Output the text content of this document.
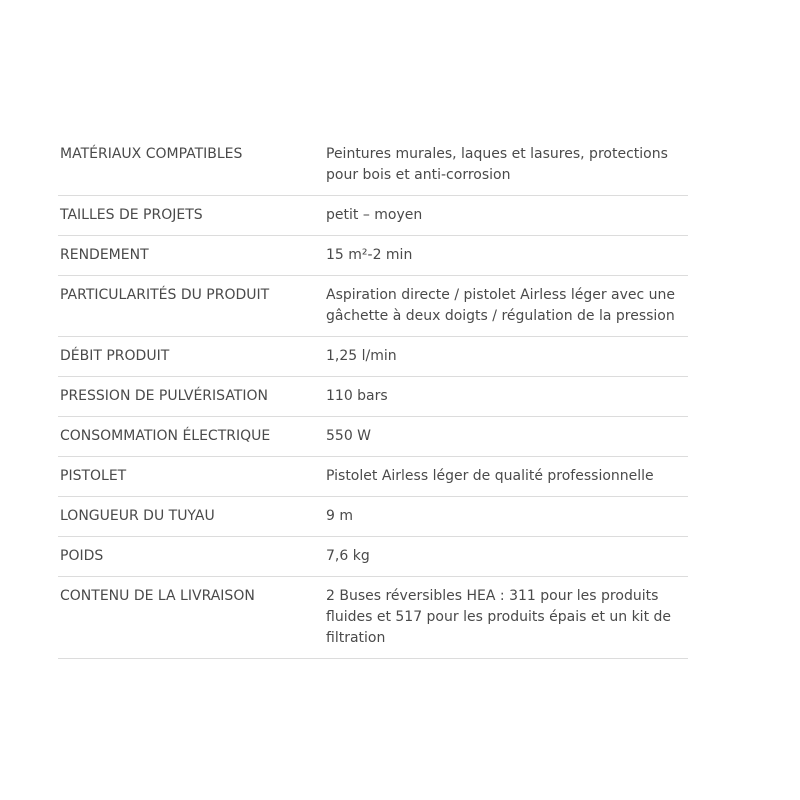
MATÉRIAUX COMPATIBLES	Peintures murales, laques et lasures, protections pour bois et anti-corrosion
TAILLES DE PROJETS	petit – moyen
RENDEMENT	15 m²-2 min
PARTICULARITÉS DU PRODUIT	Aspiration directe / pistolet Airless léger avec une gâchette à deux doigts / régulation de la pression
DÉBIT PRODUIT	1,25 l/min
PRESSION DE PULVÉRISATION	110 bars
CONSOMMATION ÉLECTRIQUE	550 W
PISTOLET	Pistolet Airless léger de qualité professionnelle
LONGUEUR DU TUYAU	9 m
POIDS	7,6 kg
CONTENU DE LA LIVRAISON	2 Buses réversibles HEA : 311 pour les produits fluides et 517 pour les produits épais et un kit de filtration
